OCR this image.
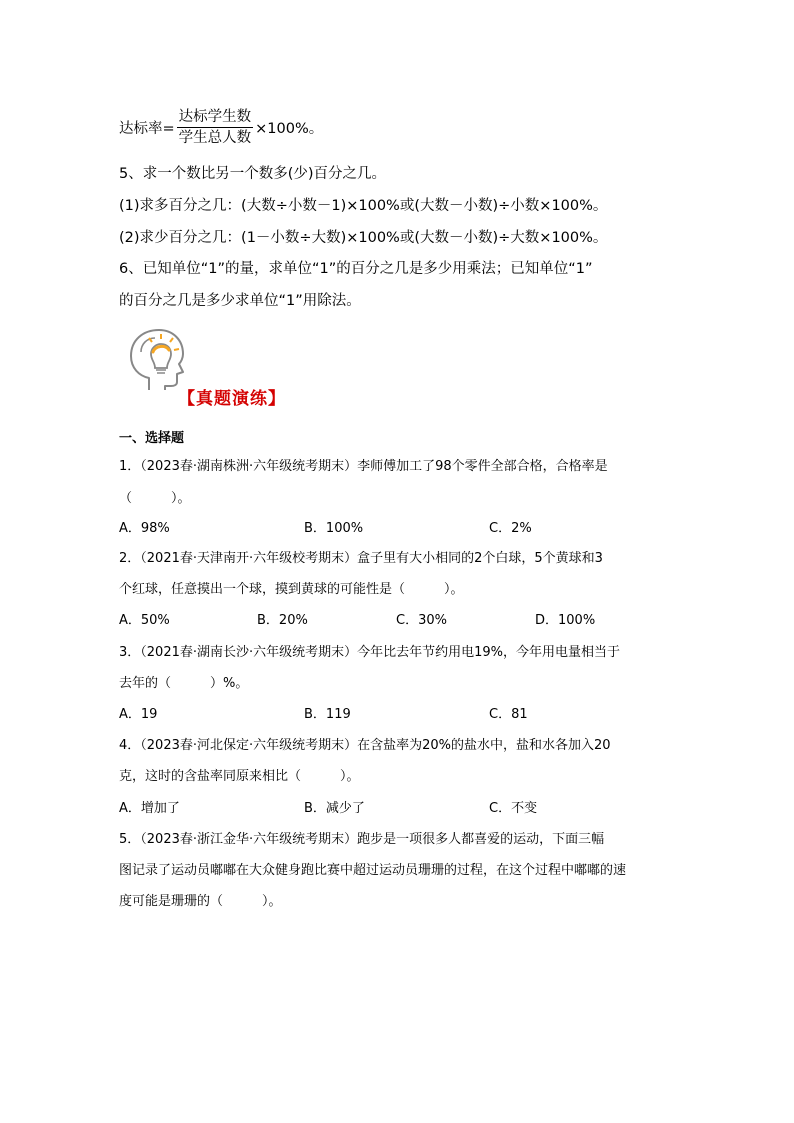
达标率= $\frac{\text{达标学生数}}{\text{学生总人数}} \times 100\%$。
5、求一个数比另一个数多(少)百分之几。
(1)求多百分之几：(大数÷小数－1)×100%或(大数－小数)÷小数×100%。
(2)求少百分之几：(1－小数÷大数)×100%或(大数－小数)÷大数×100%。
6、已知单位“1”的量，求单位“1”的百分之几是多少用乘法；已知单位“1”
的百分之几是多少求单位“1”用除法。
【真题演练】
一、选择题
1．（2023春·湖南株洲·六年级统考期末）李师傅加工了98个零件全部合格，合格率是
（　　　）。
A．98%	B．100%	C．2%
2．（2021春·天津南开·六年级校考期末）盒子里有大小相同的2个白球，5个黄球和3
个红球，任意摸出一个球，摸到黄球的可能性是（　　　）。
A．50%	B．20%	C．30%	D．100%
3．（2021春·湖南长沙·六年级统考期末）今年比去年节约用电19%，今年用电量相当于
去年的（　　　）%。
A．19	B．119	C．81
4．（2023春·河北保定·六年级统考期末）在含盐率为20%的盐水中，盐和水各加入20
克，这时的含盐率同原来相比（　　　）。
A．增加了	B．减少了	C．不变
5．（2023春·浙江金华·六年级统考期末）跑步是一项很多人都喜爱的运动，下面三幅
图记录了运动员嘟嘟在大众健身跑比赛中超过运动员珊珊的过程，在这个过程中嘟嘟的速
度可能是珊珊的（　　　）。
